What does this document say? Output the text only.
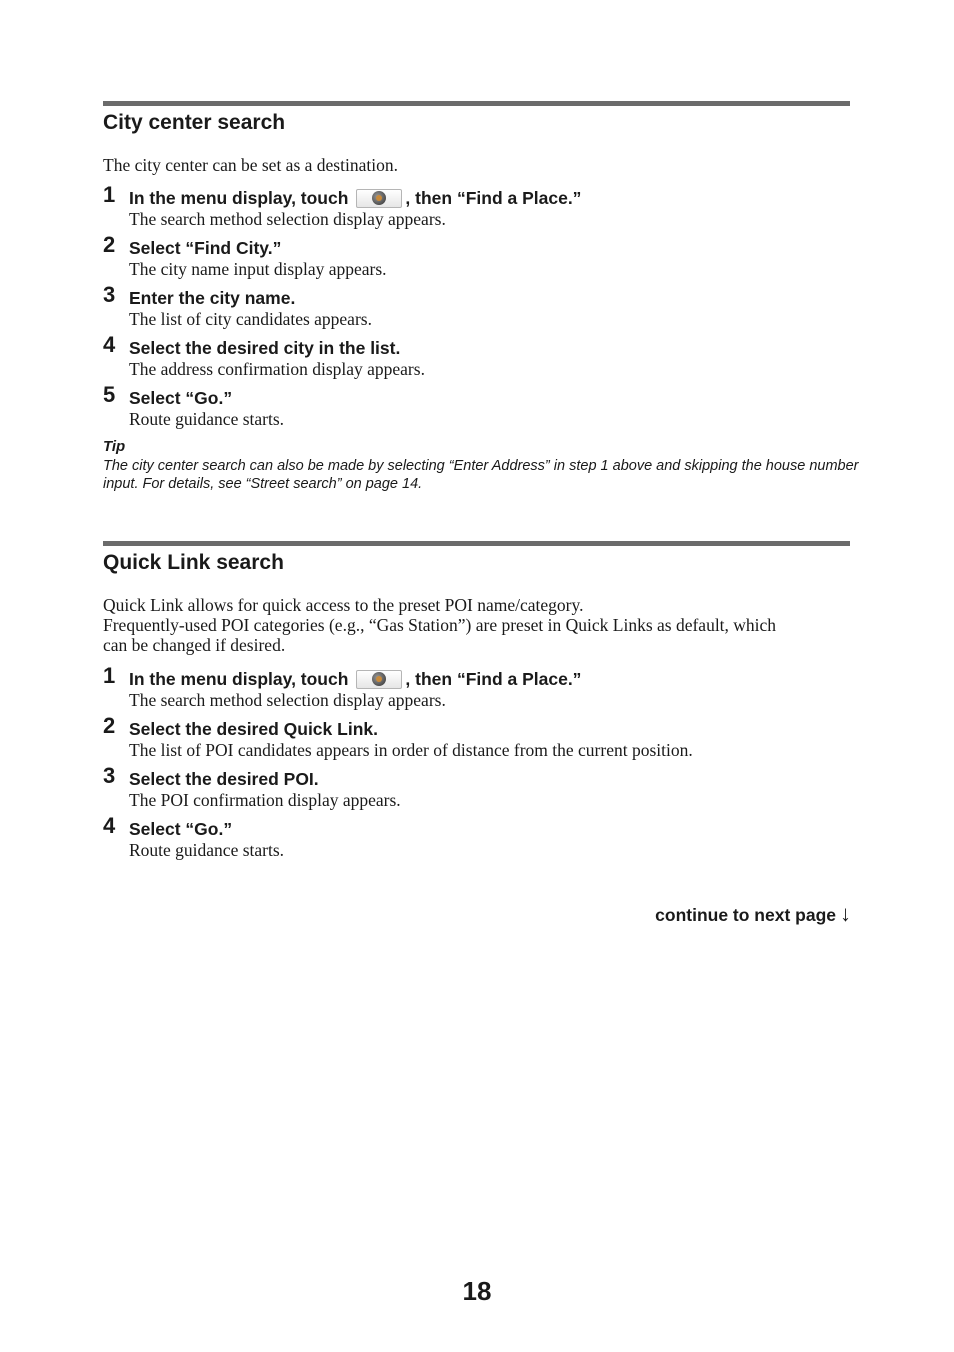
City center search
The city center can be set as a destination.
1 In the menu display, touch	, then “Find a Place.”
The search method selection display appears.
2 Select “Find City.”
The city name input display appears.
3 Enter the city name.
The list of city candidates appears.
4 Select the desired city in the list.
The address confirmation display appears.
5 Select “Go.”
Route guidance starts.
Tip
The city center search can also be made by selecting “Enter Address” in step 1 above and skipping the house number input. For details, see “Street search” on page 14.
Quick Link search
Quick Link allows for quick access to the preset POI name/category.
Frequently-used POI categories (e.g., “Gas Station”) are preset in Quick Links as default, which
can be changed if desired.
1 In the menu display, touch	, then “Find a Place.”
The search method selection display appears.
2 Select the desired Quick Link.
The list of POI candidates appears in order of distance from the current position.
3 Select the desired POI.
The POI confirmation display appears.
4 Select “Go.”
Route guidance starts.
continue to next page ↓
18
